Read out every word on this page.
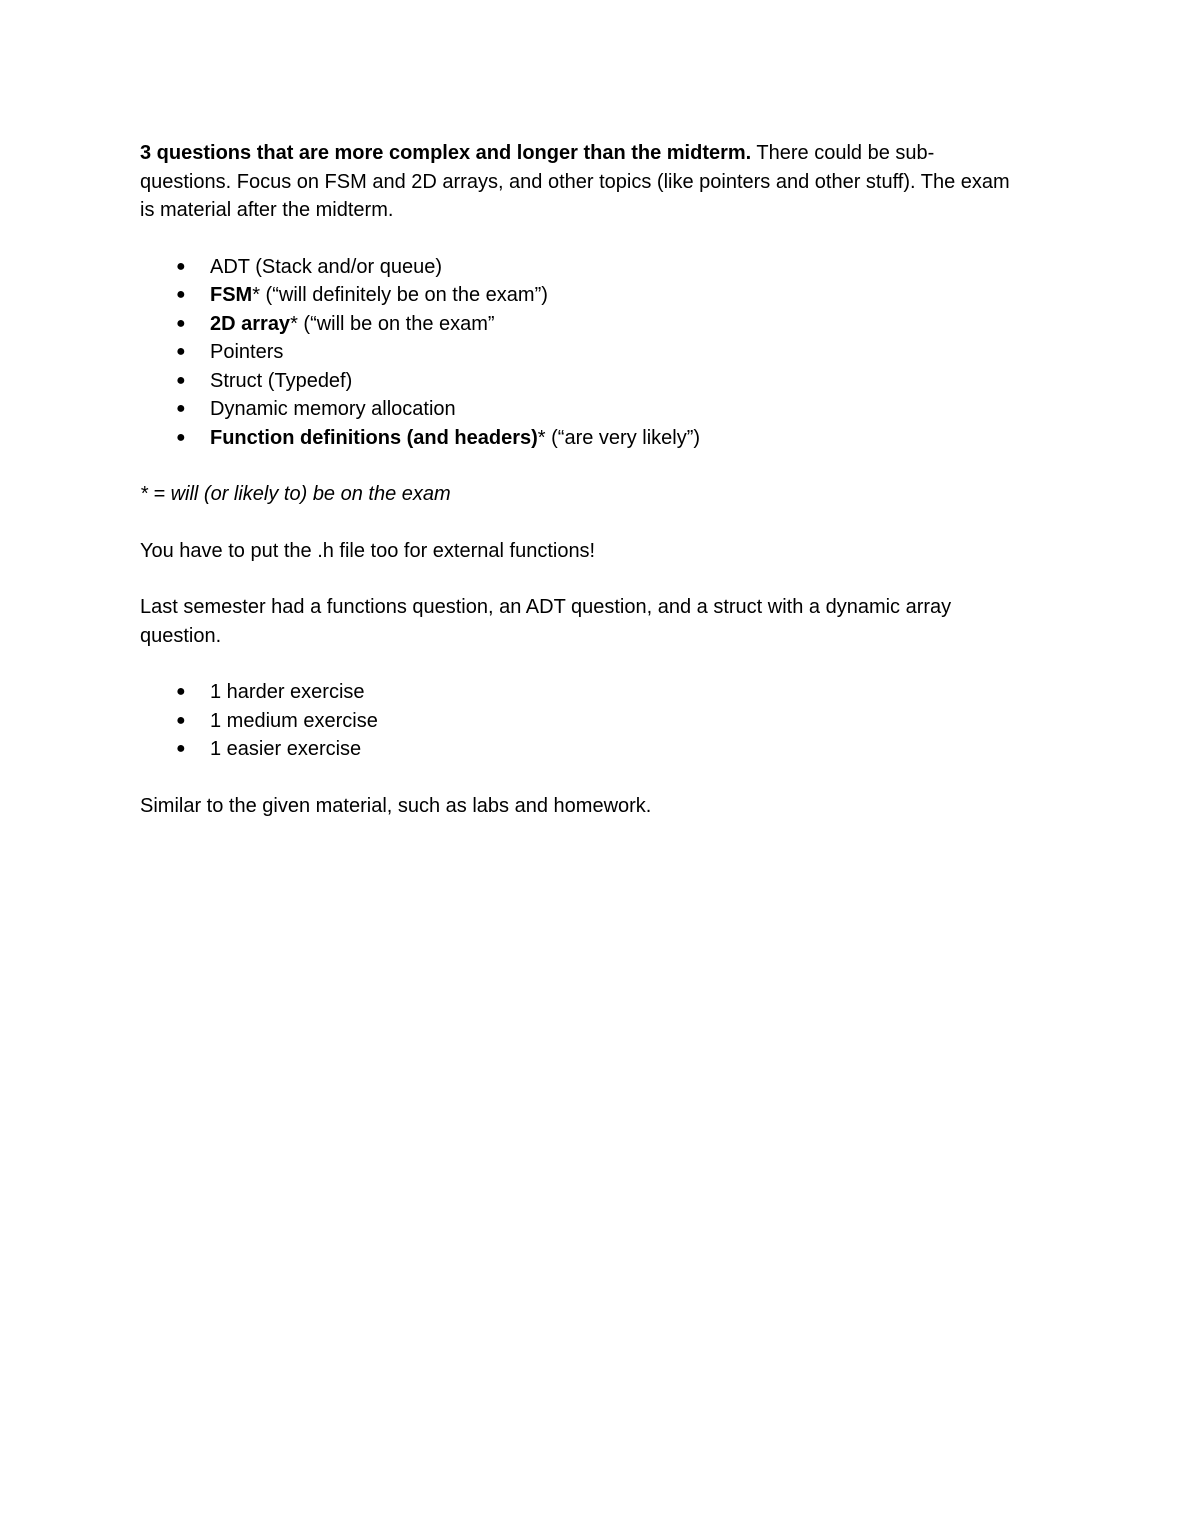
3 questions that are more complex and longer than the midterm. There could be sub-questions. Focus on FSM and 2D arrays, and other topics (like pointers and other stuff). The exam is material after the midterm.

● ADT (Stack and/or queue)
● FSM* (“will definitely be on the exam”)
● 2D array* (“will be on the exam”
● Pointers
● Struct (Typedef)
● Dynamic memory allocation
● Function definitions (and headers)* (“are very likely”)

* = will (or likely to) be on the exam

You have to put the .h file too for external functions!

Last semester had a functions question, an ADT question, and a struct with a dynamic array question.

● 1 harder exercise
● 1 medium exercise
● 1 easier exercise

Similar to the given material, such as labs and homework.
